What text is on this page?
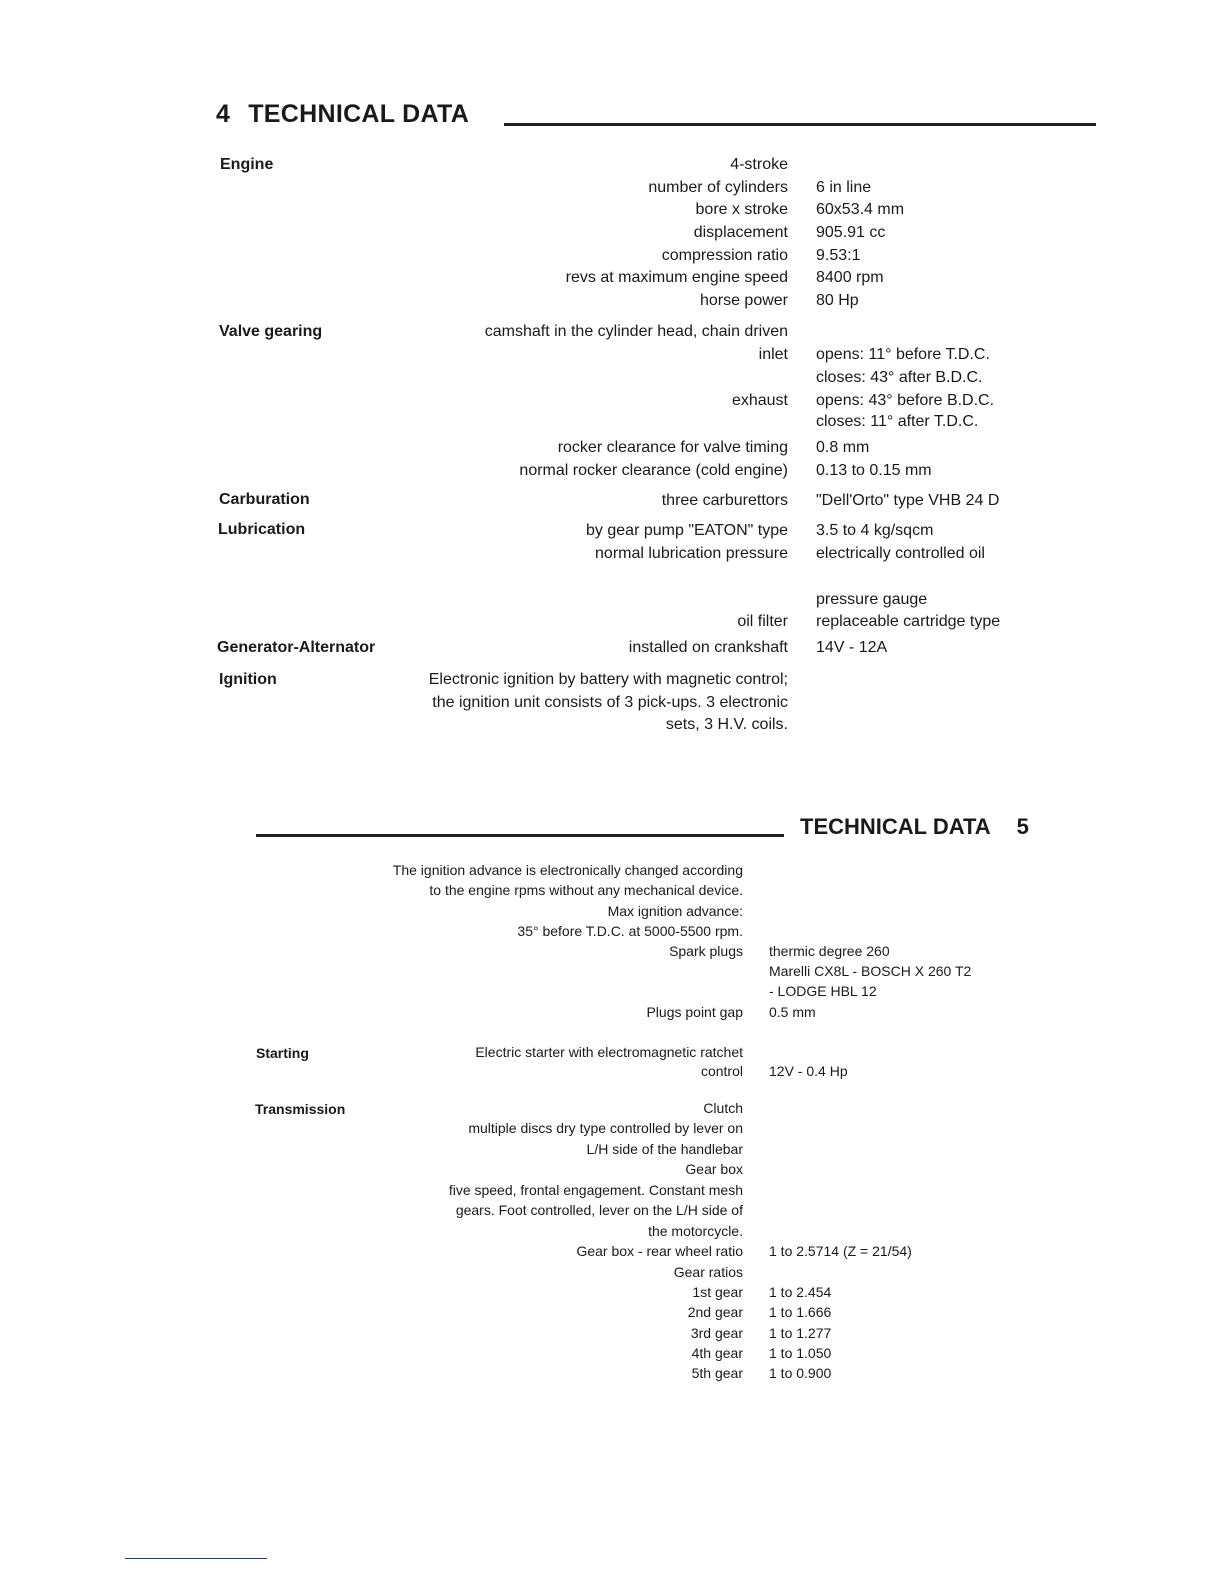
4 TECHNICAL DATA
Engine
Valve gearing
Carburation
Lubrication
Generator-Alternator
Ignition
4-stroke
number of cylinders 6 in line
bore x stroke 60x53.4 mm
displacement 905.91 cc
compression ratio 9.53:1
revs at maximum engine speed 8400 rpm
horse power 80 Hp
camshaft in the cylinder head, chain driven
inlet opens: 11° before T.D.C.
closes: 43° after B.D.C.
exhaust opens: 43° before B.D.C.
closes: 11° after T.D.C.
rocker clearance for valve timing 0.8 mm
normal rocker clearance (cold engine) 0.13 to 0.15 mm
three carburettors "Dell'Orto" type VHB 24 D
by gear pump "EATON" type 3.5 to 4 kg/sqcm
normal lubrication pressure electrically controlled oil
pressure gauge
oil filter replaceable cartridge type
installed on crankshaft 14V - 12A
Electronic ignition by battery with magnetic control;
the ignition unit consists of 3 pick-ups. 3 electronic
sets, 3 H.V. coils.
TECHNICAL DATA 5
The ignition advance is electronically changed according
to the engine rpms without any mechanical device.
Max ignition advance:
35° before T.D.C. at 5000-5500 rpm.
Starting
Transmission
Spark plugs thermic degree 260
Marelli CX8L - BOSCH X 260 T2
- LODGE HBL 12
Plugs point gap 0.5 mm
Electric starter with electromagnetic ratchet
control 12V - 0.4 Hp
Clutch
multiple discs dry type controlled by lever on
L/H side of the handlebar
Gear box
five speed, frontal engagement. Constant mesh
gears. Foot controlled, lever on the L/H side of
the motorcycle.
Gear box - rear wheel ratio 1 to 2.5714 (Z = 21/54)
Gear ratios
1st gear 1 to 2.454
2nd gear 1 to 1.666
3rd gear 1 to 1.277
4th gear 1 to 1.050
5th gear 1 to 0.900
